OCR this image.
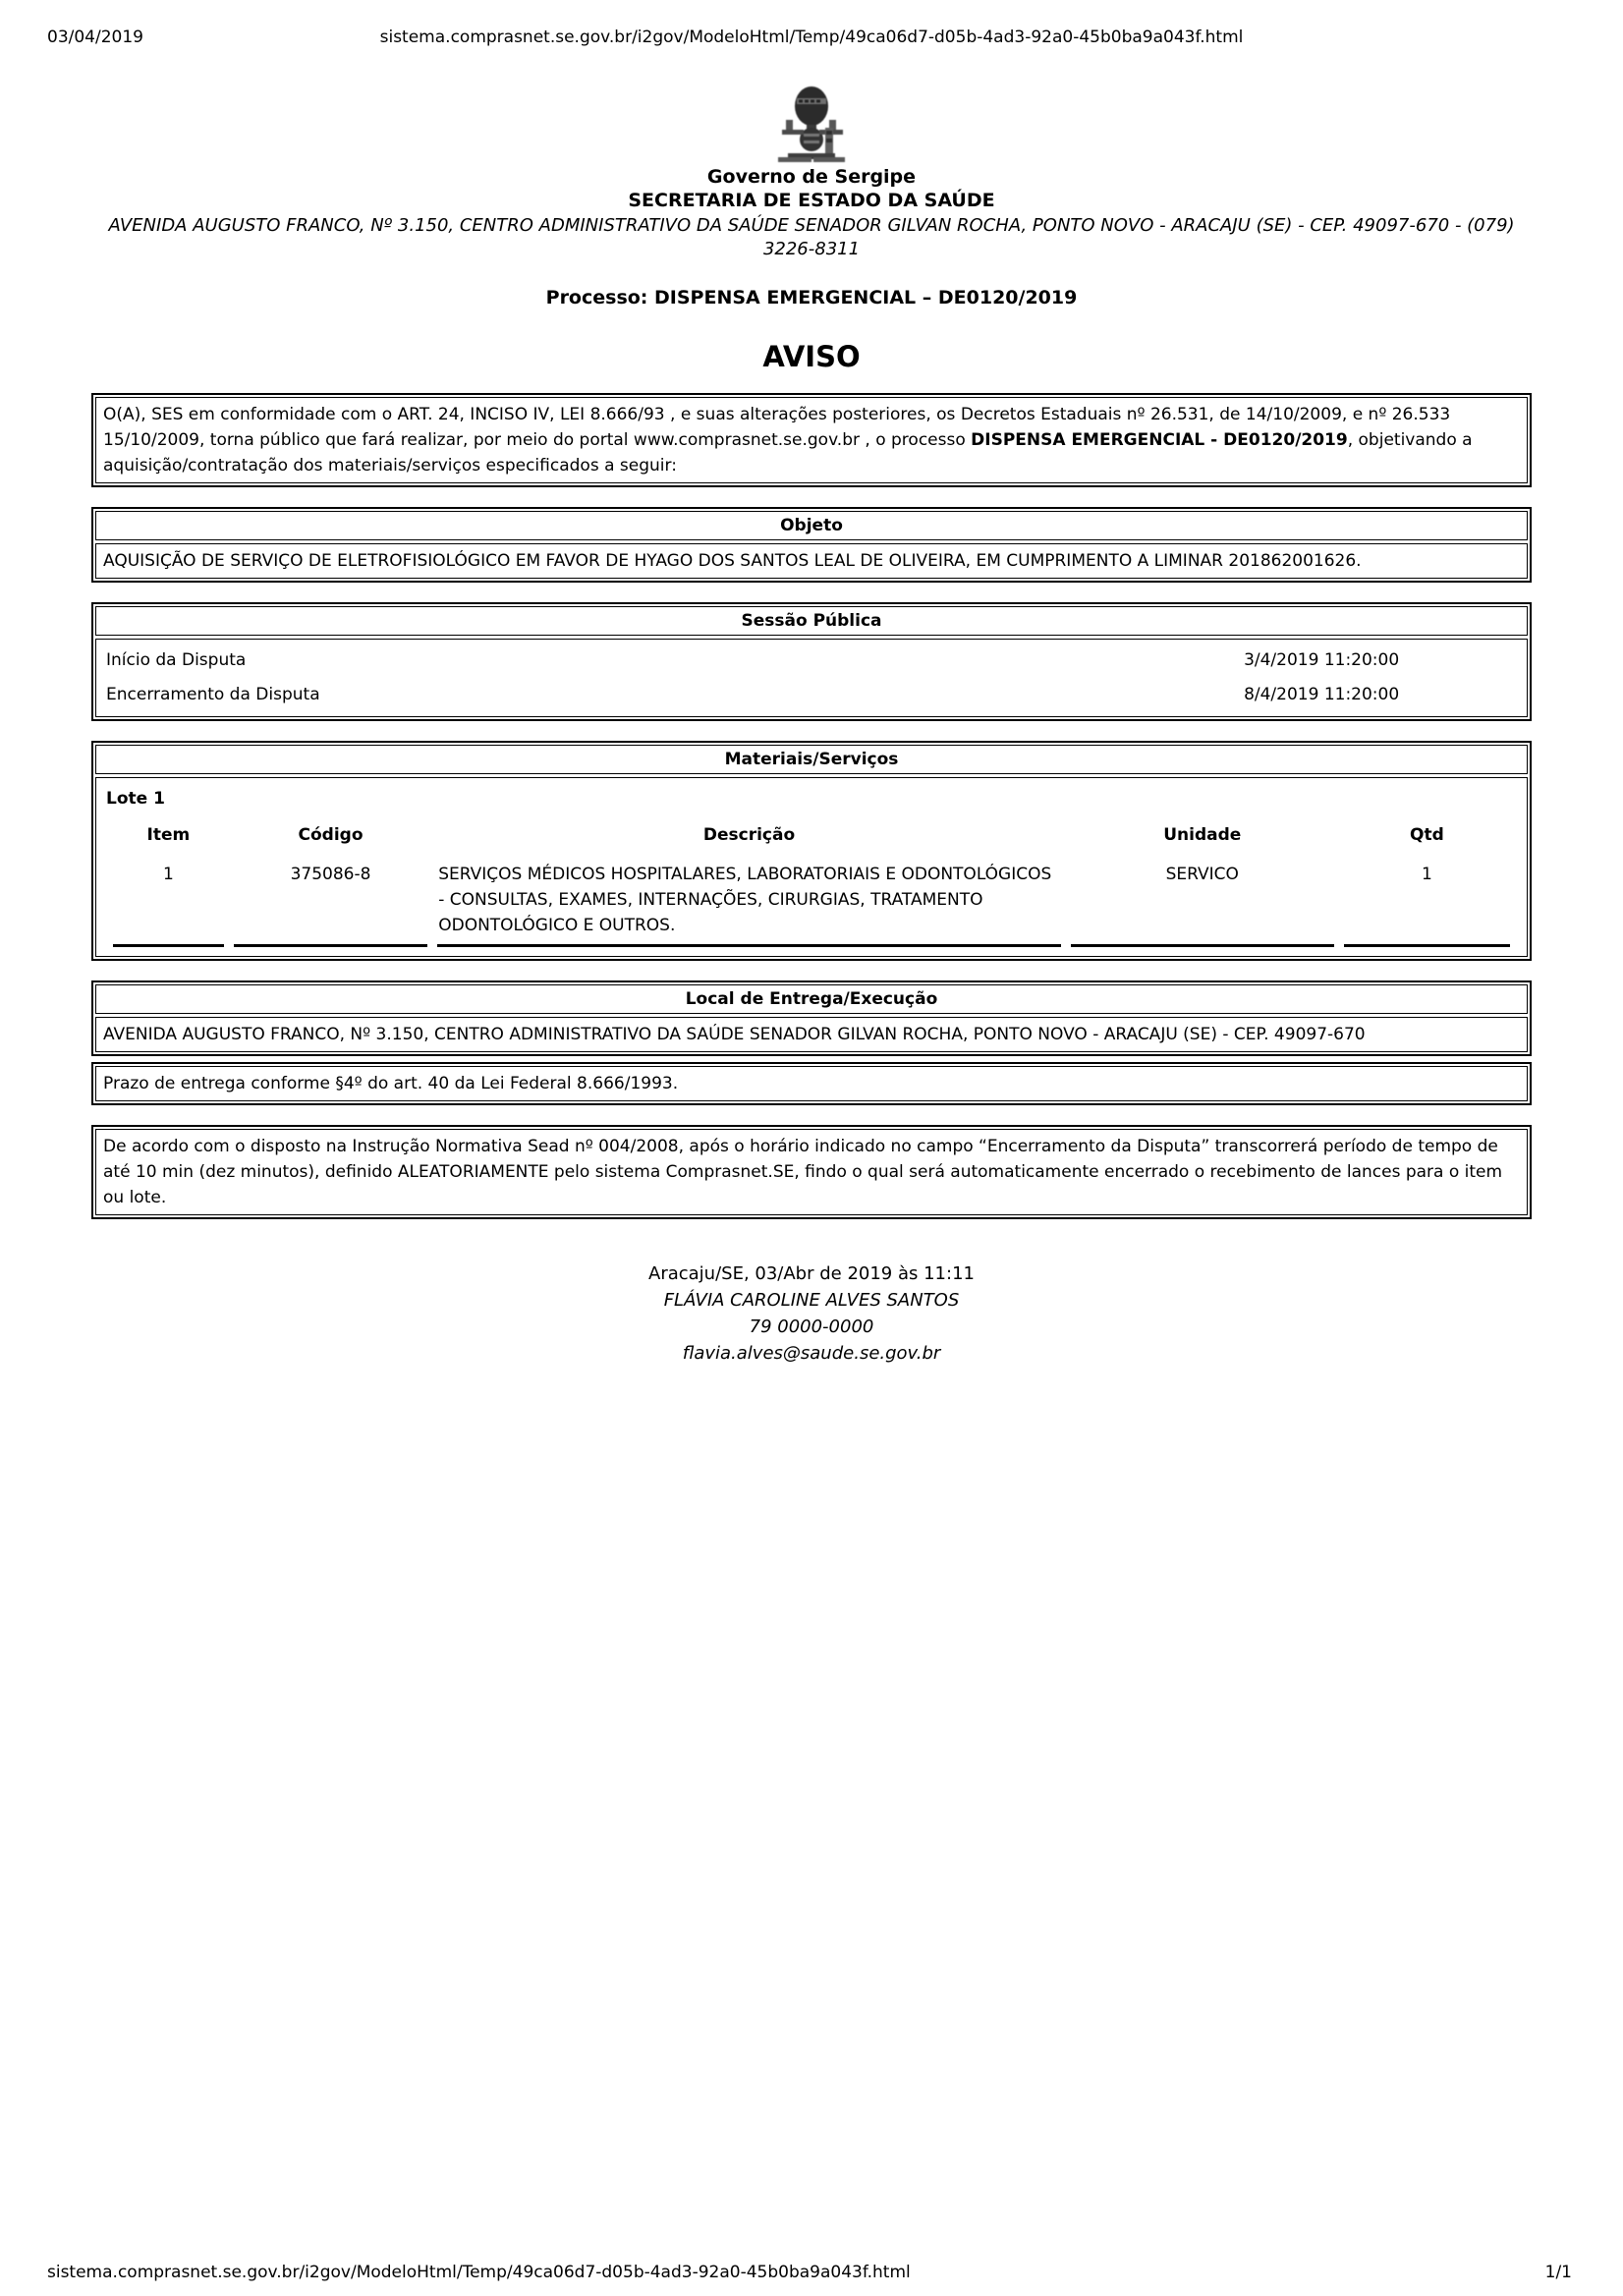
03/04/2019	sistema.comprasnet.se.gov.br/i2gov/ModeloHtml/Temp/49ca06d7-d05b-4ad3-92a0-45b0ba9a043f.html
Governo de Sergipe
SECRETARIA DE ESTADO DA SAÚDE
AVENIDA AUGUSTO FRANCO, Nº 3.150, CENTRO ADMINISTRATIVO DA SAÚDE SENADOR GILVAN ROCHA, PONTO NOVO - ARACAJU (SE) - CEP. 49097-670 - (079) 3226-8311
Processo: DISPENSA EMERGENCIAL – DE0120/2019
AVISO
O(A), SES em conformidade com o ART. 24, INCISO IV, LEI 8.666/93 , e suas alterações posteriores, os Decretos Estaduais nº 26.531, de 14/10/2009, e nº 26.533 15/10/2009, torna público que fará realizar, por meio do portal www.comprasnet.se.gov.br , o processo DISPENSA EMERGENCIAL - DE0120/2019, objetivando a aquisição/contratação dos materiais/serviços especificados a seguir:
Objeto
AQUISIÇÃO DE SERVIÇO DE ELETROFISIOLÓGICO EM FAVOR DE HYAGO DOS SANTOS LEAL DE OLIVEIRA, EM CUMPRIMENTO A LIMINAR 201862001626.
Sessão Pública
Início da Disputa	3/4/2019 11:20:00
Encerramento da Disputa	8/4/2019 11:20:00
Materiais/Serviços
Lote 1
Item	Código	Descrição	Unidade	Qtd
1	375086-8	SERVIÇOS MÉDICOS HOSPITALARES, LABORATORIAIS E ODONTOLÓGICOS - CONSULTAS, EXAMES, INTERNAÇÕES, CIRURGIAS, TRATAMENTO ODONTOLÓGICO E OUTROS.	SERVICO	1

Local de Entrega/Execução
AVENIDA AUGUSTO FRANCO, Nº 3.150, CENTRO ADMINISTRATIVO DA SAÚDE SENADOR GILVAN ROCHA, PONTO NOVO - ARACAJU (SE) - CEP. 49097-670
Prazo de entrega conforme §4º do art. 40 da Lei Federal 8.666/1993.
De acordo com o disposto na Instrução Normativa Sead nº 004/2008, após o horário indicado no campo “Encerramento da Disputa” transcorrerá período de tempo de até 10 min (dez minutos), definido ALEATORIAMENTE pelo sistema Comprasnet.SE, findo o qual será automaticamente encerrado o recebimento de lances para o item ou lote.
Aracaju/SE, 03/Abr de 2019 às 11:11
FLÁVIA CAROLINE ALVES SANTOS
79 0000-0000
flavia.alves@saude.se.gov.br
sistema.comprasnet.se.gov.br/i2gov/ModeloHtml/Temp/49ca06d7-d05b-4ad3-92a0-45b0ba9a043f.html	1/1
